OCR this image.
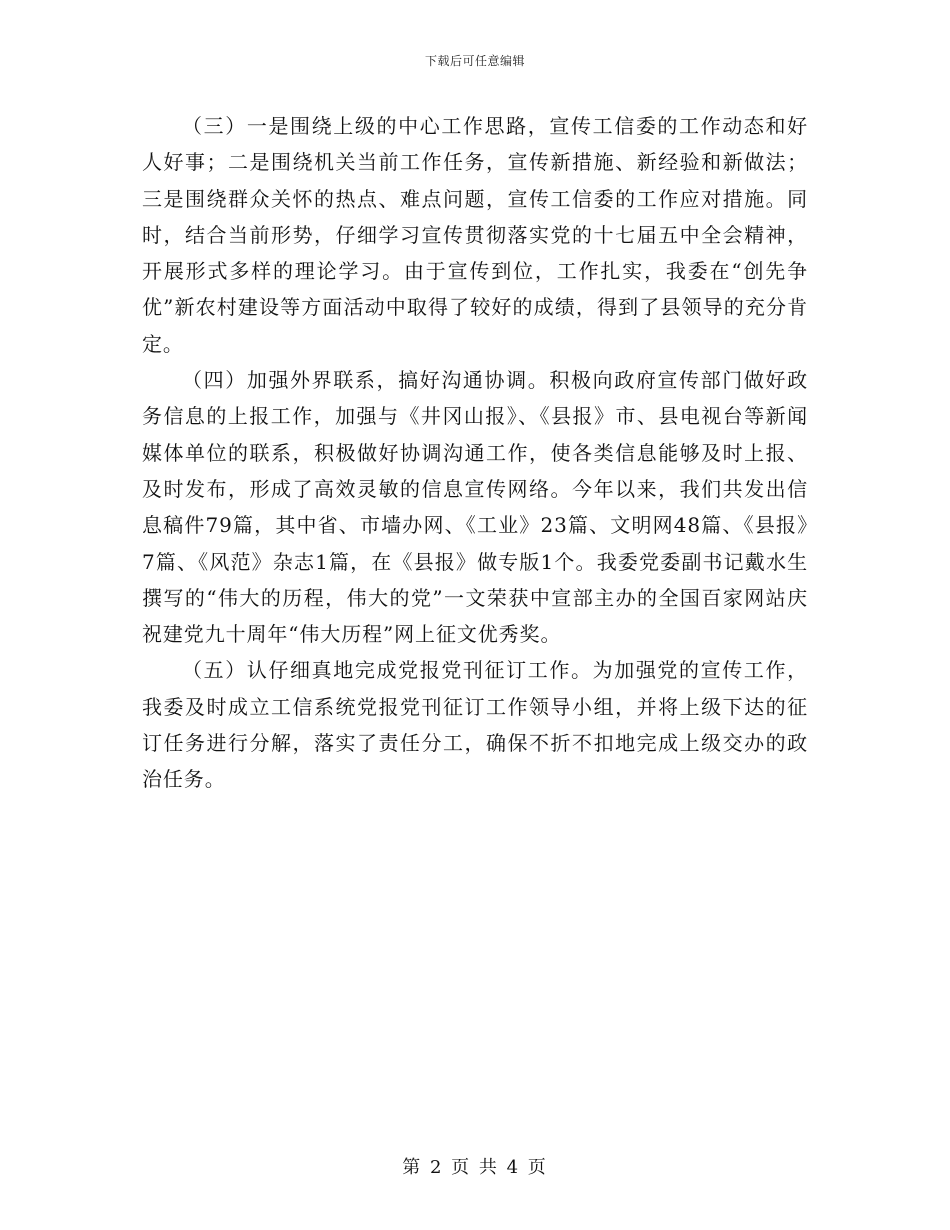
下载后可任意编辑

（三）一是围绕上级的中心工作思路，宣传工信委的工作动态和好人好事；二是围绕机关当前工作任务，宣传新措施、新经验和新做法；三是围绕群众关怀的热点、难点问题，宣传工信委的工作应对措施。同时，结合当前形势，仔细学习宣传贯彻落实党的十七届五中全会精神，开展形式多样的理论学习。由于宣传到位，工作扎实，我委在“创先争优”新农村建设等方面活动中取得了较好的成绩，得到了县领导的充分肯定。

（四）加强外界联系，搞好沟通协调。积极向政府宣传部门做好政务信息的上报工作，加强与《井冈山报》、《县报》市、县电视台等新闻媒体单位的联系，积极做好协调沟通工作，使各类信息能够及时上报、及时发布，形成了高效灵敏的信息宣传网络。今年以来，我们共发出信息稿件79篇，其中省、市墙办网、《工业》23篇、文明网48篇、《县报》7篇、《风范》杂志1篇，在《县报》做专版1个。我委党委副书记戴水生撰写的“伟大的历程，伟大的党”一文荣获中宣部主办的全国百家网站庆祝建党九十周年“伟大历程”网上征文优秀奖。

（五）认仔细真地完成党报党刊征订工作。为加强党的宣传工作，我委及时成立工信系统党报党刊征订工作领导小组，并将上级下达的征订任务进行分解，落实了责任分工，确保不折不扣地完成上级交办的政治任务。

第 2 页 共 4 页
